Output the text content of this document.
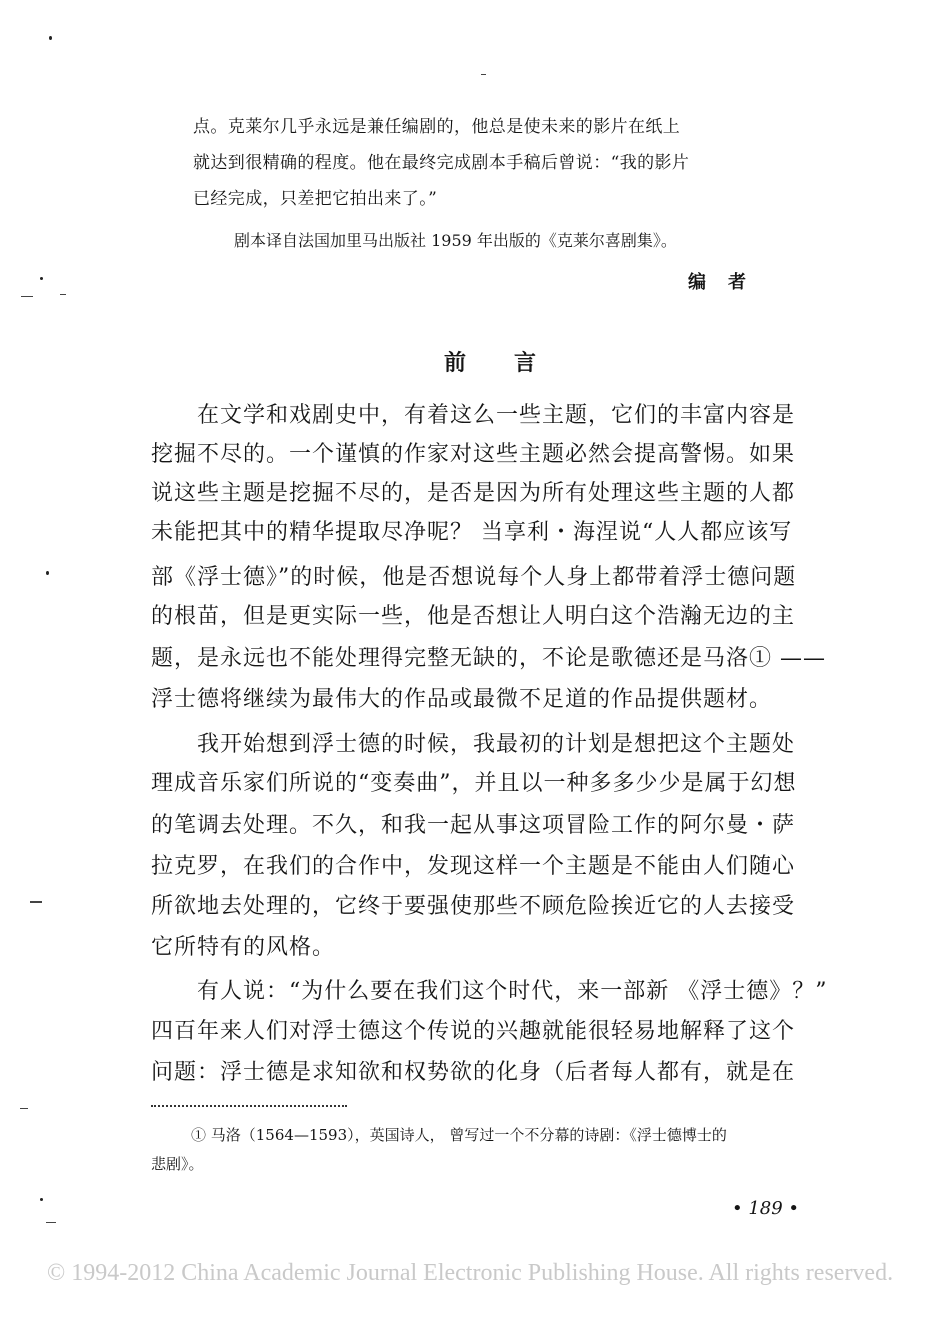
点。克莱尔几乎永远是兼任编剧的，他总是使未来的影片在纸上
就达到很精确的程度。他在最终完成剧本手稿后曾说：“我的影片
已经完成，只差把它拍出来了。”
剧本译自法国加里马出版社 1959 年出版的《克莱尔喜剧集》。
编者
前言
在文学和戏剧史中，有着这么一些主题，它们的丰富内容是
挖掘不尽的。一个谨慎的作家对这些主题必然会提高警惕。如果
说这些主题是挖掘不尽的，是否是因为所有处理这些主题的人都
未能把其中的精华提取尽净呢？ 当享利・海涅说“人人都应该写
部《浮士德》”的时候，他是否想说每个人身上都带着浮士德问题
的根苗，但是更实际一些，他是否想让人明白这个浩瀚无边的主
题，是永远也不能处理得完整无缺的，不论是歌德还是马洛① ——
浮士德将继续为最伟大的作品或最微不足道的作品提供题材。
我开始想到浮士德的时候，我最初的计划是想把这个主题处
理成音乐家们所说的“变奏曲”，并且以一种多多少少是属于幻想
的笔调去处理。不久，和我一起从事这项冒险工作的阿尔曼・萨
拉克罗，在我们的合作中，发现这样一个主题是不能由人们随心
所欲地去处理的，它终于要强使那些不顾危险挨近它的人去接受
它所特有的风格。
有人说：“为什么要在我们这个时代，来一部新 《浮士德》？”
四百年来人们对浮士德这个传说的兴趣就能很轻易地解释了这个
问题：浮士德是求知欲和权势欲的化身（后者每人都有，就是在
① 马洛（1564—1593），英国诗人， 曾写过一个不分幕的诗剧：《浮士德博士的
悲剧》。
• 189 •
© 1994-2012 China Academic Journal Electronic Publishing House. All rights reserved.
